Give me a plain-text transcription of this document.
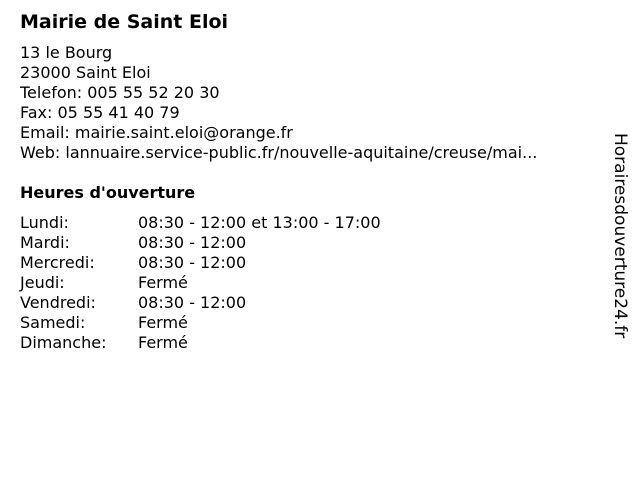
Mairie de Saint Eloi
13 le Bourg
23000 Saint Eloi
Telefon: 005 55 52 20 30
Fax: 05 55 41 40 79
Email: mairie.saint.eloi@orange.fr
Web: lannuaire.service-public.fr/nouvelle-aquitaine/creuse/mai...
Heures d'ouverture
Lundi:	08:30 - 12:00 et 13:00 - 17:00
Mardi:	08:30 - 12:00
Mercredi:	08:30 - 12:00
Jeudi:	Fermé
Vendredi:	08:30 - 12:00
Samedi:	Fermé
Dimanche: Fermé
Horairesdouverture24.fr
